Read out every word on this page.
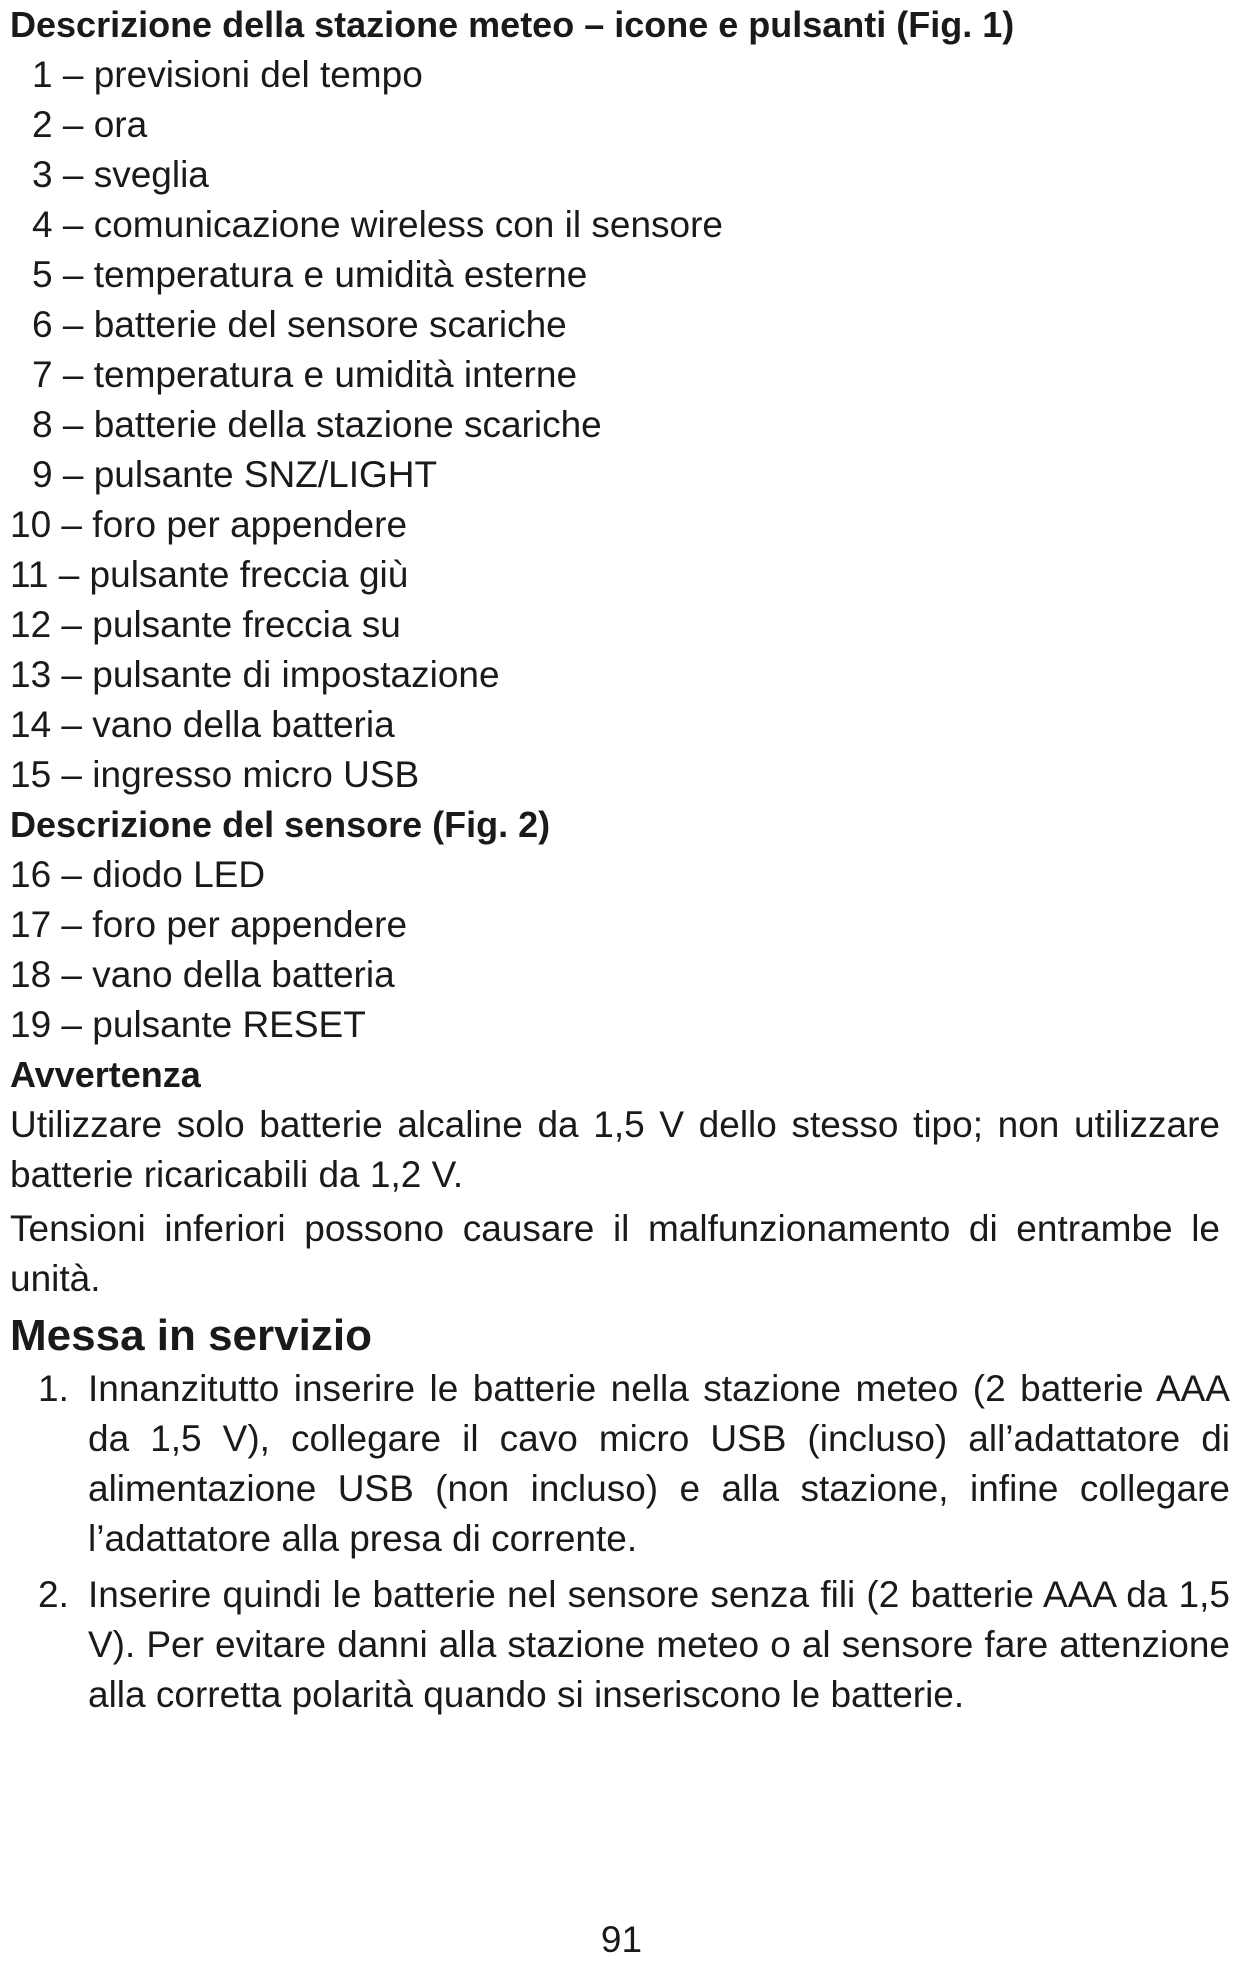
Descrizione della stazione meteo – icone e pulsanti (Fig. 1)
1 – previsioni del tempo
2 – ora
3 – sveglia
4 – comunicazione wireless con il sensore
5 – temperatura e umidità esterne
6 – batterie del sensore scariche
7 – temperatura e umidità interne
8 – batterie della stazione scariche
9 – pulsante SNZ/LIGHT
10 – foro per appendere
11 – pulsante freccia giù
12 – pulsante freccia su
13 – pulsante di impostazione
14 – vano della batteria
15 – ingresso micro USB
Descrizione del sensore (Fig. 2)
16 – diodo LED
17 – foro per appendere
18 – vano della batteria
19 – pulsante RESET
Avvertenza

Utilizzare solo batterie alcaline da 1,5 V dello stesso tipo; non utilizzare batterie ricaricabili da 1,2 V.

Tensioni inferiori possono causare il malfunzionamento di entrambe le unità.

Messa in servizio
1. Innanzitutto inserire le batterie nella stazione meteo (2 batterie AAA da 1,5 V), collegare il cavo micro USB (incluso) all’adattatore di alimentazione USB (non incluso) e alla stazione, infine collegare l’adattatore alla presa di corrente.
2. Inserire quindi le batterie nel sensore senza fili (2 batterie AAA da 1,5 V). Per evitare danni alla stazione meteo o al sensore fare attenzione alla corretta polarità quando si inseriscono le batterie.
91
